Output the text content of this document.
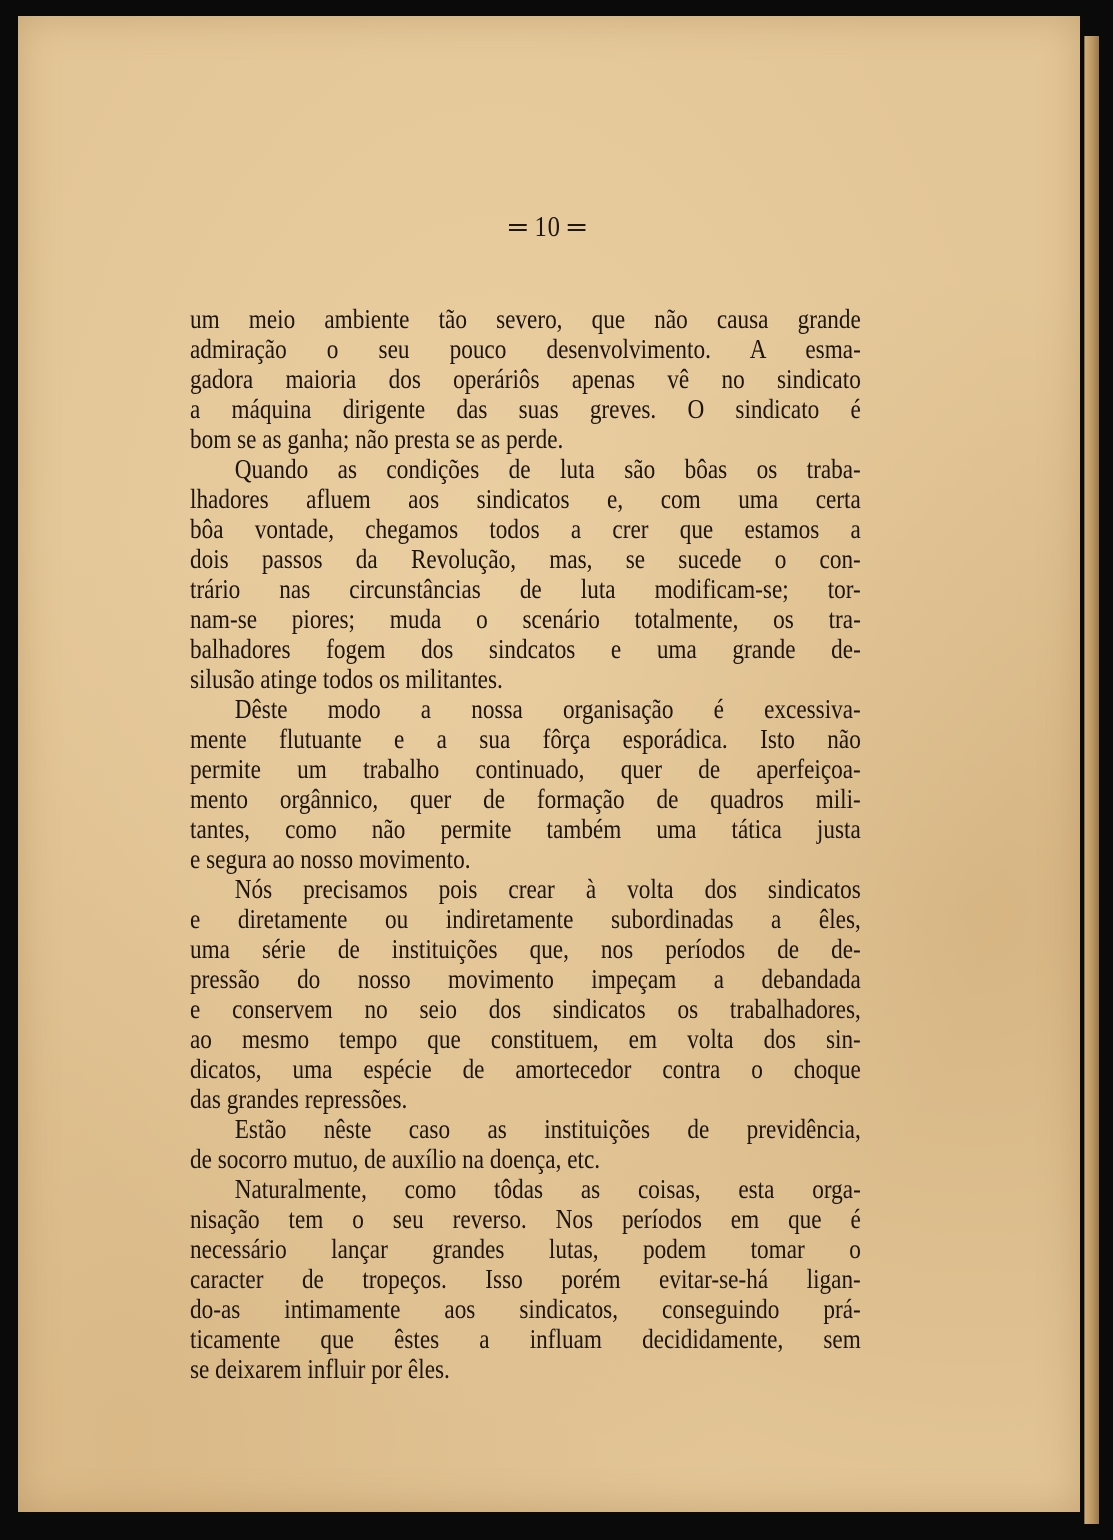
═ 10 ═
um meio ambiente tão severo, que não causa grande
admiração o seu pouco desenvolvimento. A esma-
gadora maioria dos operáriôs apenas vê no sindicato
a máquina dirigente das suas greves. O sindicato é
bom se as ganha; não presta se as perde.
Quando as condições de luta são bôas os traba-
lhadores afluem aos sindicatos e, com uma certa
bôa vontade, chegamos todos a crer que estamos a
dois passos da Revolução, mas, se sucede o con-
trário nas circunstâncias de luta modificam-se; tor-
nam-se piores; muda o scenário totalmente, os tra-
balhadores fogem dos sindcatos e uma grande de-
silusão atinge todos os militantes.
Dêste modo a nossa organisação é excessiva-
mente flutuante e a sua fôrça esporádica. Isto não
permite um trabalho continuado, quer de aperfeiçoa-
mento orgânnico, quer de formação de quadros mili-
tantes, como não permite também uma tática justa
e segura ao nosso movimento.
Nós precisamos pois crear à volta dos sindicatos
e diretamente ou indiretamente subordinadas a êles,
uma série de instituições que, nos períodos de de-
pressão do nosso movimento impeçam a debandada
e conservem no seio dos sindicatos os trabalhadores,
ao mesmo tempo que constituem, em volta dos sin-
dicatos, uma espécie de amortecedor contra o choque
das grandes repressões.
Estão nêste caso as instituições de previdência,
de socorro mutuo, de auxílio na doença, etc.
Naturalmente, como tôdas as coisas, esta orga-
nisação tem o seu reverso. Nos períodos em que é
necessário lançar grandes lutas, podem tomar o
caracter de tropeços. Isso porém evitar-se-há ligan-
do-as intimamente aos sindicatos, conseguindo prá-
ticamente que êstes a influam decididamente, sem
se deixarem influir por êles.
